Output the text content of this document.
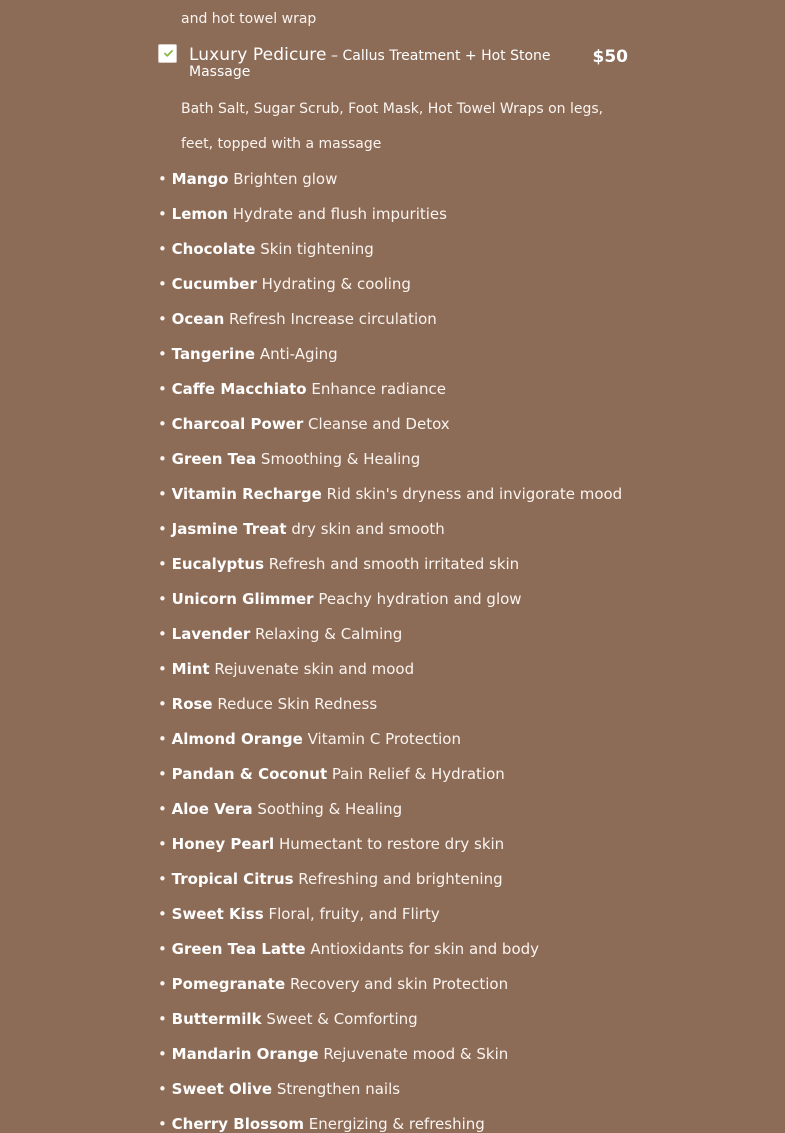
and hot towel wrap
Luxury Pedicure – Callus Treatment + Hot Stone Massage
$50
Bath Salt, Sugar Scrub, Foot Mask, Hot Towel Wraps on legs, feet, topped with a massage
• Mango Brighten glow
• Lemon Hydrate and flush impurities
• Chocolate Skin tightening
• Cucumber Hydrating & cooling
• Ocean Refresh Increase circulation
• Tangerine Anti-Aging
• Caffe Macchiato Enhance radiance
• Charcoal Power Cleanse and Detox
• Green Tea Smoothing & Healing
• Vitamin Recharge Rid skin's dryness and invigorate mood
• Jasmine Treat dry skin and smooth
• Eucalyptus Refresh and smooth irritated skin
• Unicorn Glimmer Peachy hydration and glow
• Lavender Relaxing & Calming
• Mint Rejuvenate skin and mood
• Rose Reduce Skin Redness
• Almond Orange Vitamin C Protection
• Pandan & Coconut Pain Relief & Hydration
• Aloe Vera Soothing & Healing
• Honey Pearl Humectant to restore dry skin
• Tropical Citrus Refreshing and brightening
• Sweet Kiss Floral, fruity, and Flirty
• Green Tea Latte Antioxidants for skin and body
• Pomegranate Recovery and skin Protection
• Buttermilk Sweet & Comforting
• Mandarin Orange Rejuvenate mood & Skin
• Sweet Olive Strengthen nails
• Cherry Blossom Energizing & refreshing
